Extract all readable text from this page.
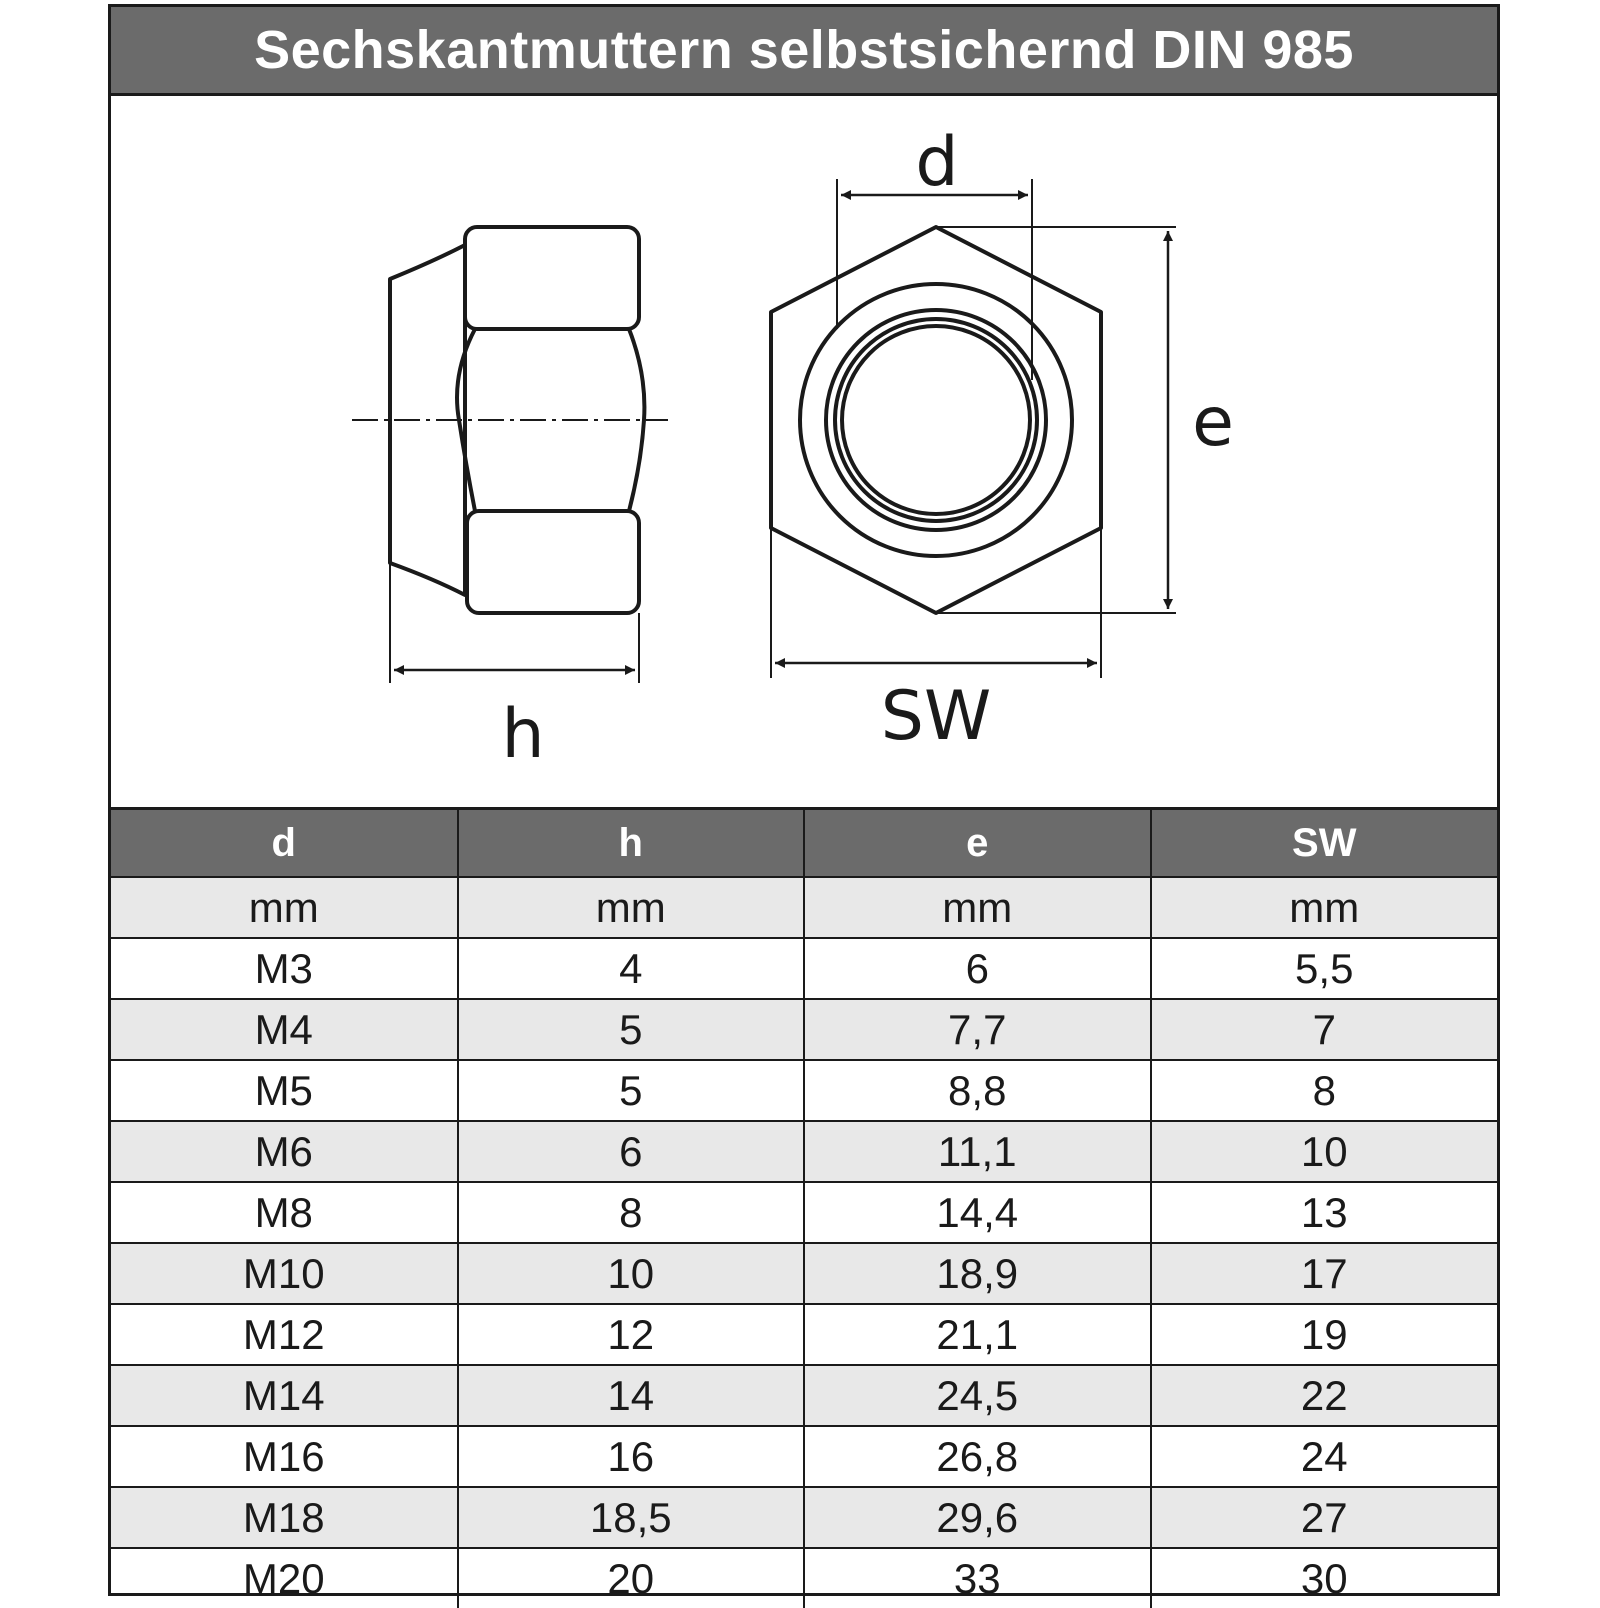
Sechskantmuttern selbstsichernd DIN 985
d
e
h	SW
d	h	e	SW
mm	mm	mm	mm
M3	4	6	5,5
M4	5	7,7	7
M5	5	8,8	8
M6	6	11,1	10
M8	8	14,4	13
M10	10	18,9	17
M12	12	21,1	19
M14	14	24,5	22
M16	16	26,8	24
M18	18,5	29,6	27
M20	20	33	30
